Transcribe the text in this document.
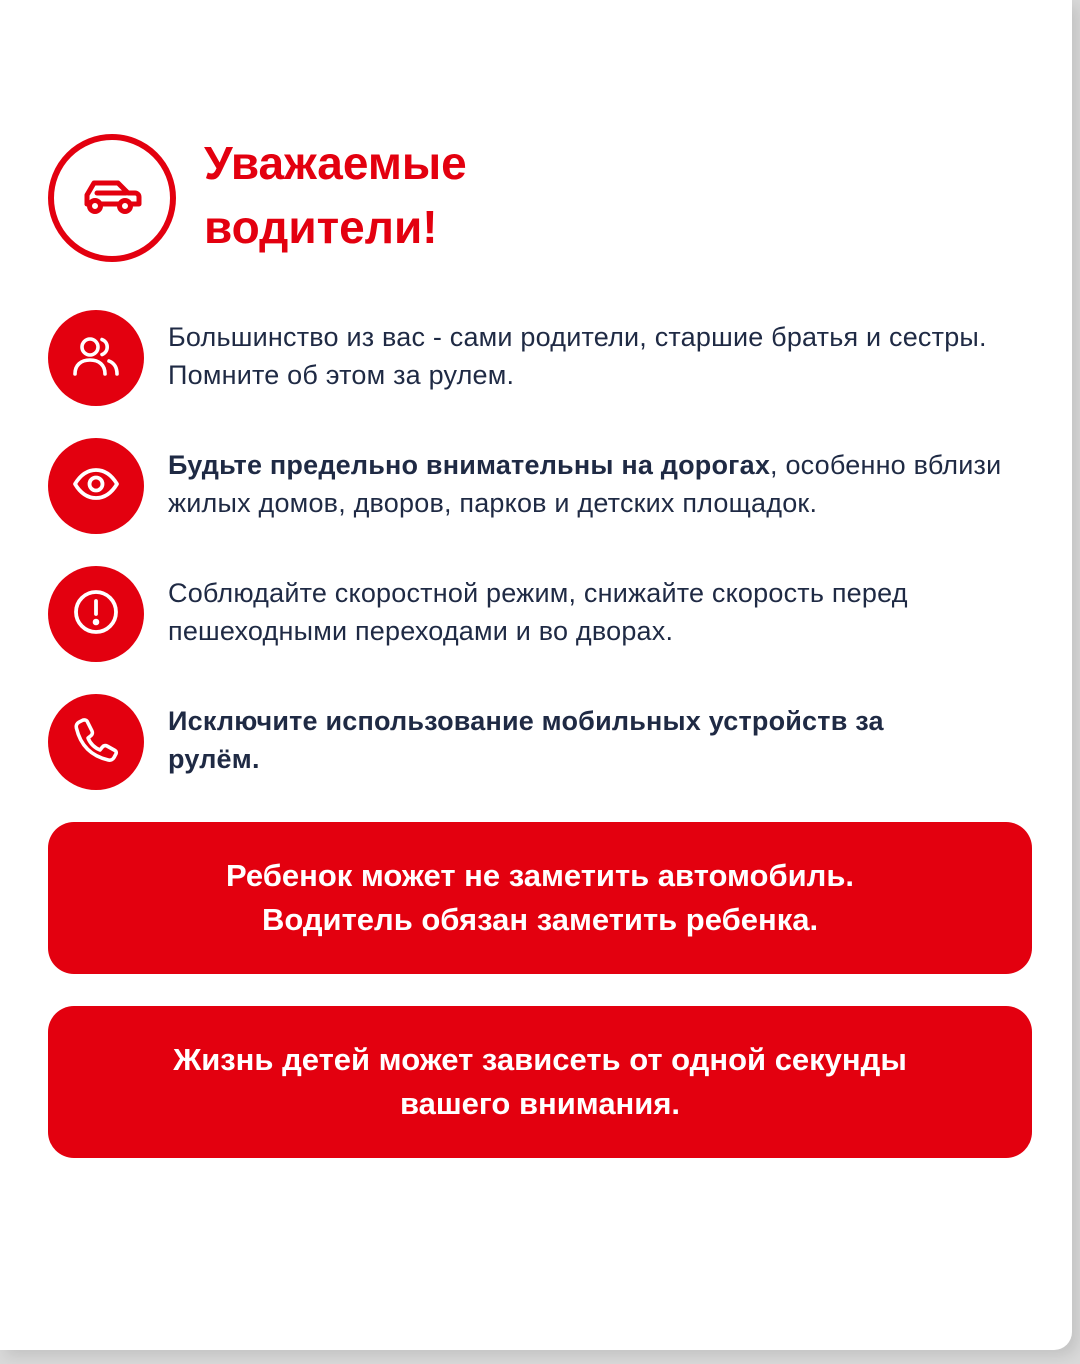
Уважаемые
водители!
Большинство из вас - сами родители, старшие братья и сестры. Помните об этом за рулем.
Будьте предельно внимательны на дорогах, особенно вблизи жилых домов, дворов, парков и детских площадок.
Соблюдайте скоростной режим, снижайте скорость перед пешеходными переходами и во дворах.
Исключите использование мобильных устройств за рулём.
Ребенок может не заметить автомобиль.
Водитель обязан заметить ребенка.
Жизнь детей может зависеть от одной секунды
вашего внимания.
